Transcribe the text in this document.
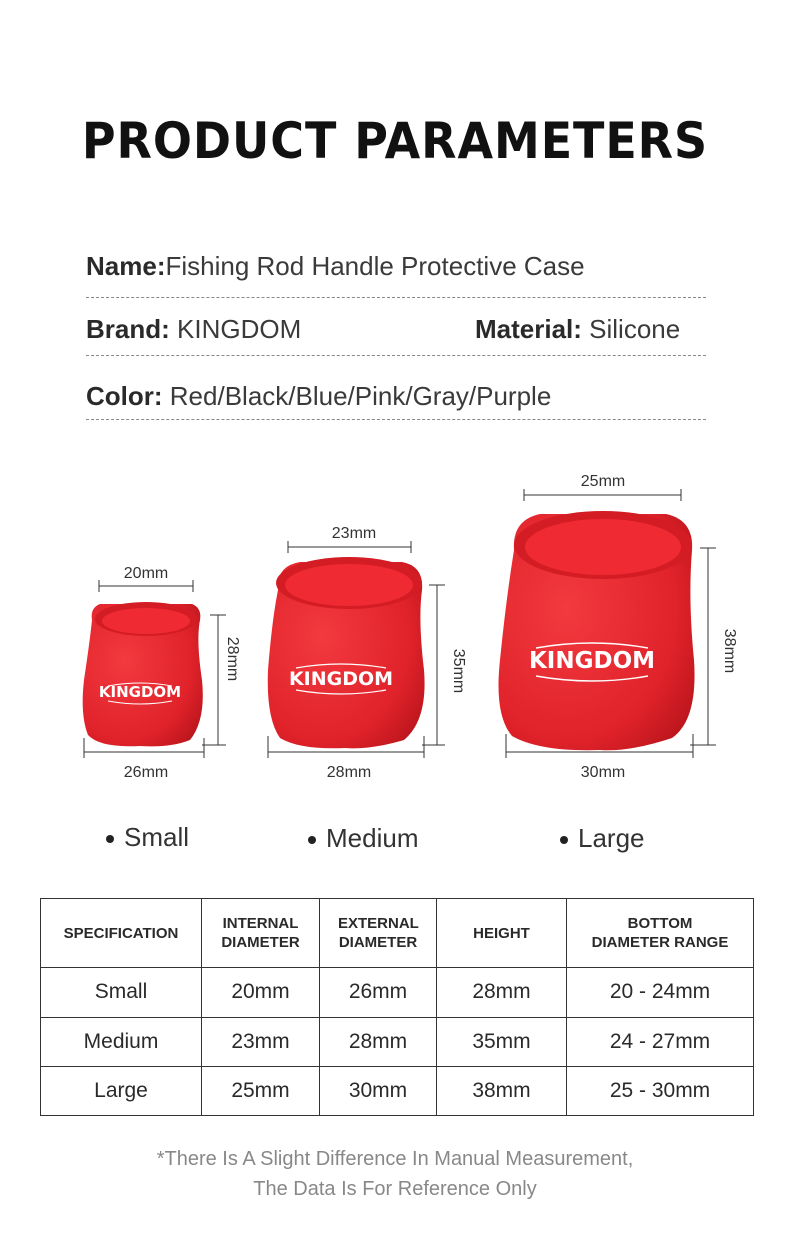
PRODUCT PARAMETERS
Name:Fishing Rod Handle Protective Case
Brand: KINGDOM	Material: Silicone
Color: Red/Black/Blue/Pink/Gray/Purple
KINGDOM
KINGDOM
KINGDOM
20mm
26mm
28mm
23mm
28mm
35mm
25mm
30mm
38mm
Small	Medium	Large
SPECIFICATION	INTERNAL DIAMETER	EXTERNAL DIAMETER	HEIGHT	BOTTOM DIAMETER RANGE
Small	20mm	26mm	28mm	20 - 24mm
Medium	23mm	28mm	35mm	24 - 27mm
Large	25mm	30mm	38mm	25 - 30mm
*There Is A Slight Difference In Manual Measurement,
The Data Is For Reference Only
